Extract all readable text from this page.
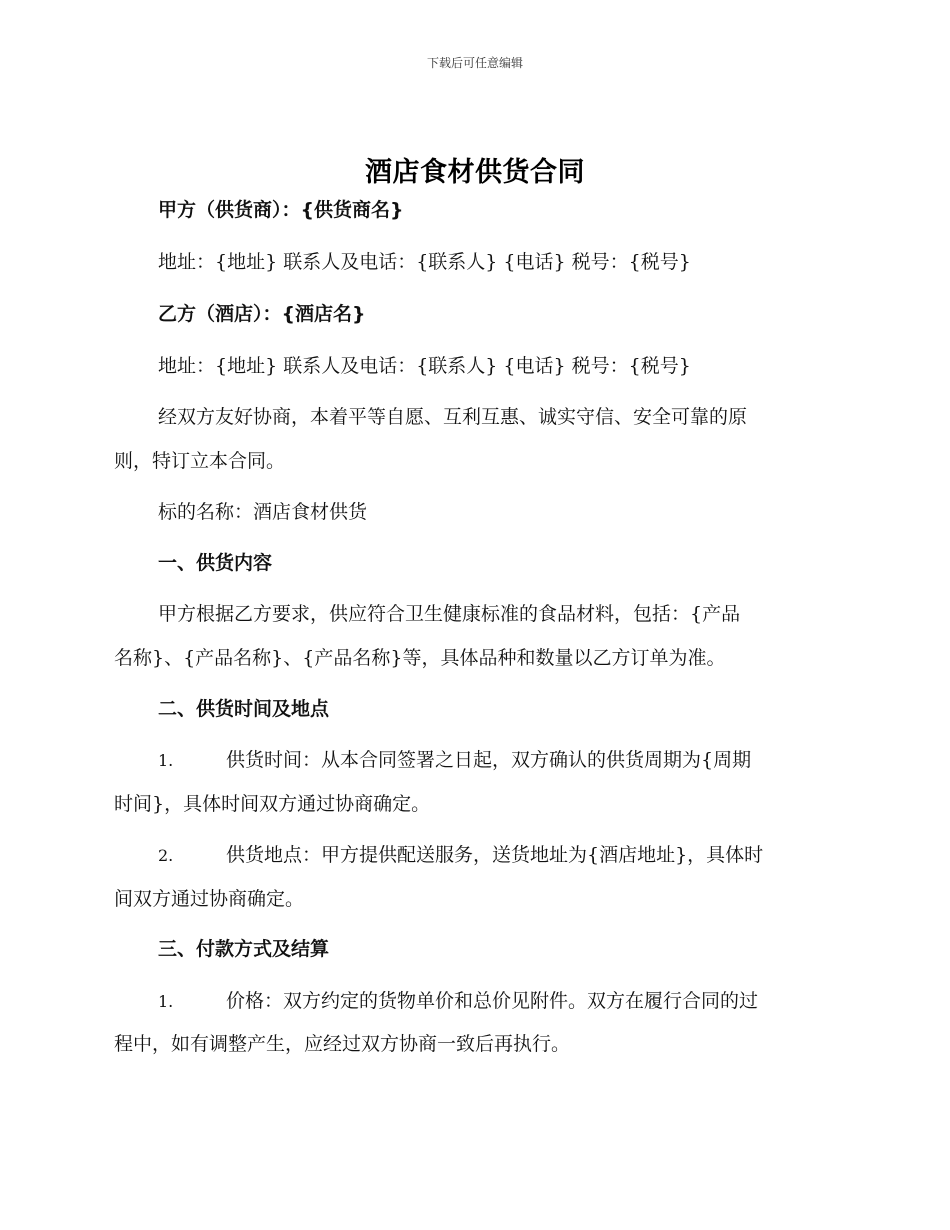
下载后可任意编辑
酒店食材供货合同
甲方（供货商）：{供货商名}
地址：{地址} 联系人及电话：{联系人} {电话} 税号：{税号}
乙方（酒店）：{酒店名}
地址：{地址} 联系人及电话：{联系人} {电话} 税号：{税号}
经双方友好协商，本着平等自愿、互利互惠、诚实守信、安全可靠的原
则，特订立本合同。
标的名称：酒店食材供货
一、供货内容
甲方根据乙方要求，供应符合卫生健康标准的食品材料，包括：{产品
名称}、{产品名称}、{产品名称}等，具体品种和数量以乙方订单为准。
二、供货时间及地点
1.	供货时间：从本合同签署之日起，双方确认的供货周期为{周期
时间}，具体时间双方通过协商确定。
2.	供货地点：甲方提供配送服务，送货地址为{酒店地址}，具体时
间双方通过协商确定。
三、付款方式及结算
1.	价格：双方约定的货物单价和总价见附件。双方在履行合同的过
程中，如有调整产生，应经过双方协商一致后再执行。
